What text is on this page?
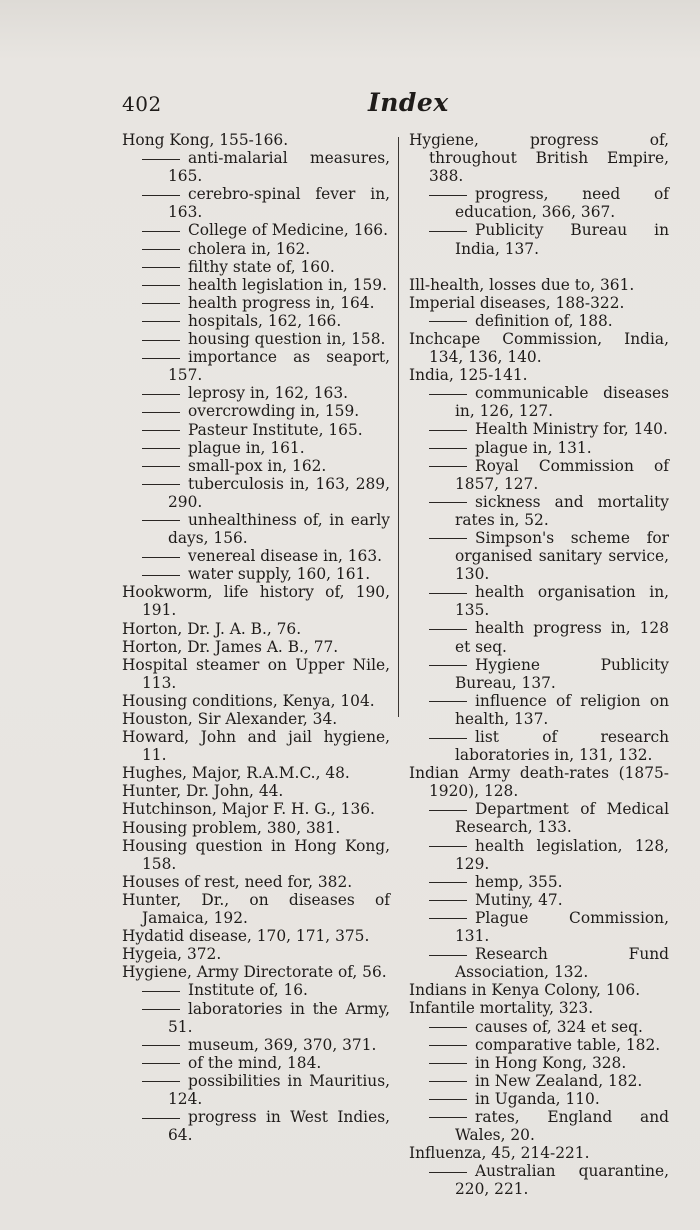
402	Index
Hong Kong, 155-166.
anti-malarial measures, 165.
cerebro-spinal fever in, 163.
College of Medicine, 166.
cholera in, 162.
filthy state of, 160.
health legislation in, 159.
health progress in, 164.
hospitals, 162, 166.
housing question in, 158.
importance as seaport, 157.
leprosy in, 162, 163.
overcrowding in, 159.
Pasteur Institute, 165.
plague in, 161.
small-pox in, 162.
tuberculosis in, 163, 289, 290.
unhealthiness of, in early days, 156.
venereal disease in, 163.
water supply, 160, 161.
Hookworm, life history of, 190, 191.
Horton, Dr. J. A. B., 76.
Horton, Dr. James A. B., 77.
Hospital steamer on Upper Nile, 113.
Housing conditions, Kenya, 104.
Houston, Sir Alexander, 34.
Howard, John and jail hygiene, 11.
Hughes, Major, R.A.M.C., 48.
Hunter, Dr. John, 44.
Hutchinson, Major F. H. G., 136.
Housing problem, 380, 381.
Housing question in Hong Kong, 158.
Houses of rest, need for, 382.
Hunter, Dr., on diseases of Jamaica, 192.
Hydatid disease, 170, 171, 375.
Hygeia, 372.
Hygiene, Army Directorate of, 56.
Institute of, 16.
laboratories in the Army, 51.
museum, 369, 370, 371.
of the mind, 184.
possibilities in Mauritius, 124.
progress in West Indies, 64.
Hygiene, progress of, throughout British Empire, 388.
progress, need of education, 366, 367.
Publicity Bureau in India, 137.
Ill-health, losses due to, 361.
Imperial diseases, 188-322.
definition of, 188.
Inchcape Commission, India, 134, 136, 140.
India, 125-141.
communicable diseases in, 126, 127.
Health Ministry for, 140.
plague in, 131.
Royal Commission of 1857, 127.
sickness and mortality rates in, 52.
Simpson's scheme for organised sanitary service, 130.
health organisation in, 135.
health progress in, 128 et seq.
Hygiene Publicity Bureau, 137.
influence of religion on health, 137.
list of research laboratories in, 131, 132.
Indian Army death-rates (1875-1920), 128.
Department of Medical Research, 133.
health legislation, 128, 129.
hemp, 355.
Mutiny, 47.
Plague Commission, 131.
Research Fund Association, 132.
Indians in Kenya Colony, 106.
Infantile mortality, 323.
causes of, 324 et seq.
comparative table, 182.
in Hong Kong, 328.
in New Zealand, 182.
in Uganda, 110.
rates, England and Wales, 20.
Influenza, 45, 214-221.
Australian quarantine, 220, 221.
